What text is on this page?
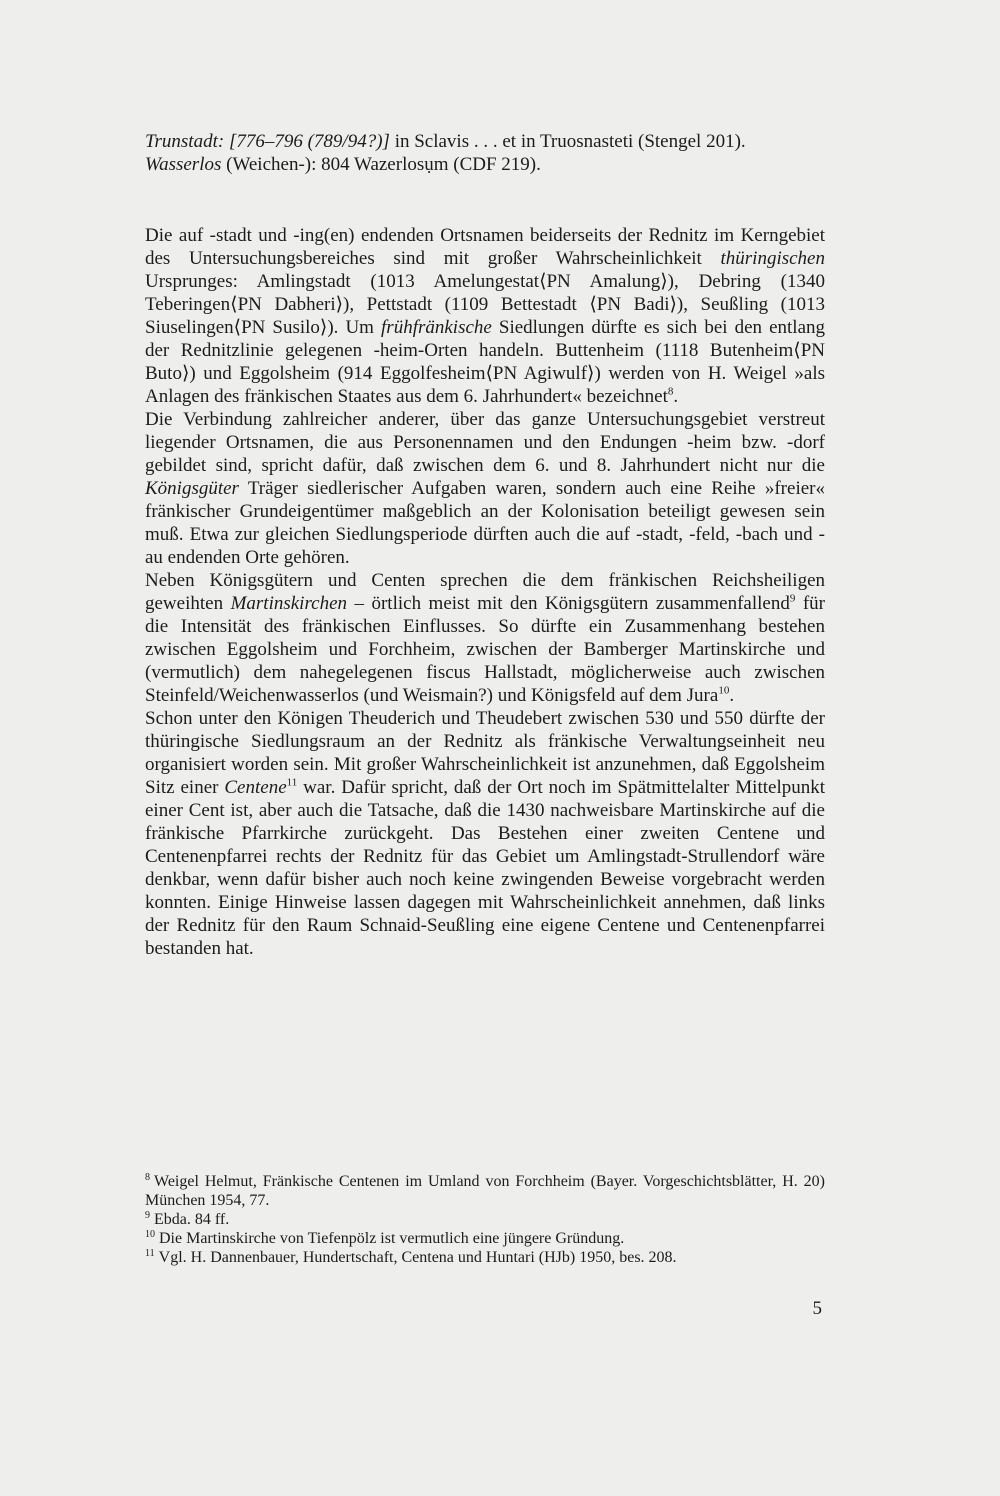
Trunstadt: [776–796 (789/94?)] in Sclavis . . . et in Truosnasteti (Stengel 201).

Wasserlos (Weichen-): 804 Wazerlosụm (CDF 219).

Die auf -stadt und -ing(en) endenden Ortsnamen beiderseits der Rednitz im Kerngebiet des Untersuchungsbereiches sind mit großer Wahrscheinlichkeit thüringischen Ursprunges: Amlingstadt (1013 Amelungestat⟨PN Amalung⟩), Debring (1340 Teberingen⟨PN Dabheri⟩), Pettstadt (1109 Bettestadt ⟨PN Badi⟩), Seußling (1013 Siuselingen⟨PN Susilo⟩). Um frühfränkische Siedlungen dürfte es sich bei den entlang der Rednitzlinie gelegenen -heim-Orten handeln. Buttenheim (1118 Butenheim⟨PN Buto⟩) und Eggolsheim (914 Eggolfesheim⟨PN Agiwulf⟩) werden von H. Weigel »als Anlagen des fränkischen Staates aus dem 6. Jahrhundert« bezeichnet$^8$.

Die Verbindung zahlreicher anderer, über das ganze Untersuchungsgebiet verstreut liegender Ortsnamen, die aus Personennamen und den Endungen -heim bzw. -dorf gebildet sind, spricht dafür, daß zwischen dem 6. und 8. Jahrhundert nicht nur die Königsgüter Träger siedlerischer Aufgaben waren, sondern auch eine Reihe »freier« fränkischer Grundeigentümer maßgeblich an der Kolonisation beteiligt gewesen sein muß. Etwa zur gleichen Siedlungsperiode dürften auch die auf -stadt, -feld, -bach und -au endenden Orte gehören.

Neben Königsgütern und Centen sprechen die dem fränkischen Reichsheiligen geweihten Martinskirchen – örtlich meist mit den Königsgütern zusammenfallend$^9$ für die Intensität des fränkischen Einflusses. So dürfte ein Zusammenhang bestehen zwischen Eggolsheim und Forchheim, zwischen der Bamberger Martinskirche und (vermutlich) dem nahegelegenen fiscus Hallstadt, möglicherweise auch zwischen Steinfeld/Weichenwasserlos (und Weismain?) und Königsfeld auf dem Jura$^{10}$.

Schon unter den Königen Theuderich und Theudebert zwischen 530 und 550 dürfte der thüringische Siedlungsraum an der Rednitz als fränkische Verwaltungseinheit neu organisiert worden sein. Mit großer Wahrscheinlichkeit ist anzunehmen, daß Eggolsheim Sitz einer Centene$^{11}$ war. Dafür spricht, daß der Ort noch im Spätmittelalter Mittelpunkt einer Cent ist, aber auch die Tatsache, daß die 1430 nachweisbare Martinskirche auf die fränkische Pfarrkirche zurückgeht. Das Bestehen einer zweiten Centene und Centenenpfarrei rechts der Rednitz für das Gebiet um Amlingstadt-Strullendorf wäre denkbar, wenn dafür bisher auch noch keine zwingenden Beweise vorgebracht werden konnten. Einige Hinweise lassen dagegen mit Wahrscheinlichkeit annehmen, daß links der Rednitz für den Raum Schnaid-Seußling eine eigene Centene und Centenenpfarrei bestanden hat.

$^8$ Weigel Helmut, Fränkische Centenen im Umland von Forchheim (Bayer. Vorgeschichtsblätter, H. 20) München 1954, 77.

$^9$ Ebda. 84 ff.

$^{10}$ Die Martinskirche von Tiefenpölz ist vermutlich eine jüngere Gründung.

$^{11}$ Vgl. H. Dannenbauer, Hundertschaft, Centena und Huntari (HJb) 1950, bes. 208.

5
